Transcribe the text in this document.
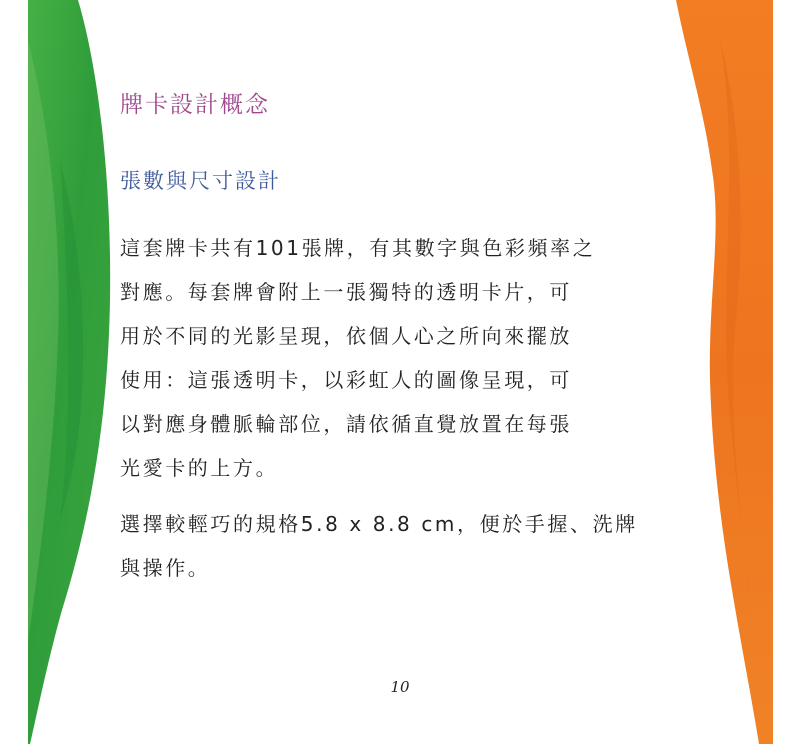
牌卡設計概念
張數與尺寸設計

這套牌卡共有101張牌，有其數字與色彩頻率之
對應。每套牌會附上一張獨特的透明卡片，可
用於不同的光影呈現，依個人心之所向來擺放
使用：這張透明卡，以彩虹人的圖像呈現，可
以對應身體脈輪部位，請依循直覺放置在每張
光愛卡的上方。

選擇較輕巧的規格5.8 x 8.8 cm，便於手握、洗牌
與操作。

10
